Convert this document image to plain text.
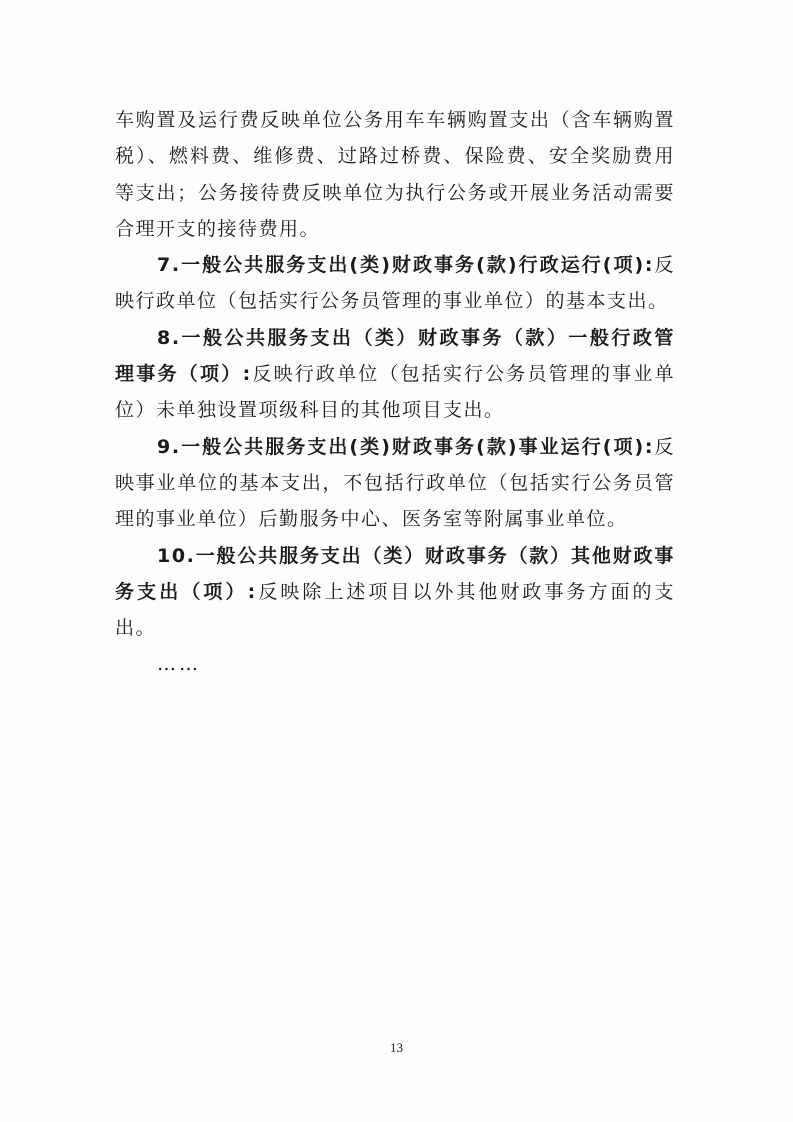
车购置及运行费反映单位公务用车车辆购置支出（含车辆购置税）、燃料费、维修费、过路过桥费、保险费、安全奖励费用等支出；公务接待费反映单位为执行公务或开展业务活动需要合理开支的接待费用。

7.一般公共服务支出(类)财政事务(款)行政运行(项):反映行政单位（包括实行公务员管理的事业单位）的基本支出。

8.一般公共服务支出（类）财政事务（款）一般行政管理事务（项）:反映行政单位（包括实行公务员管理的事业单位）未单独设置项级科目的其他项目支出。

9.一般公共服务支出(类)财政事务(款)事业运行(项):反映事业单位的基本支出，不包括行政单位（包括实行公务员管理的事业单位）后勤服务中心、医务室等附属事业单位。

10.一般公共服务支出（类）财政事务（款）其他财政事务支出（项）:反映除上述项目以外其他财政事务方面的支出。

……

13
